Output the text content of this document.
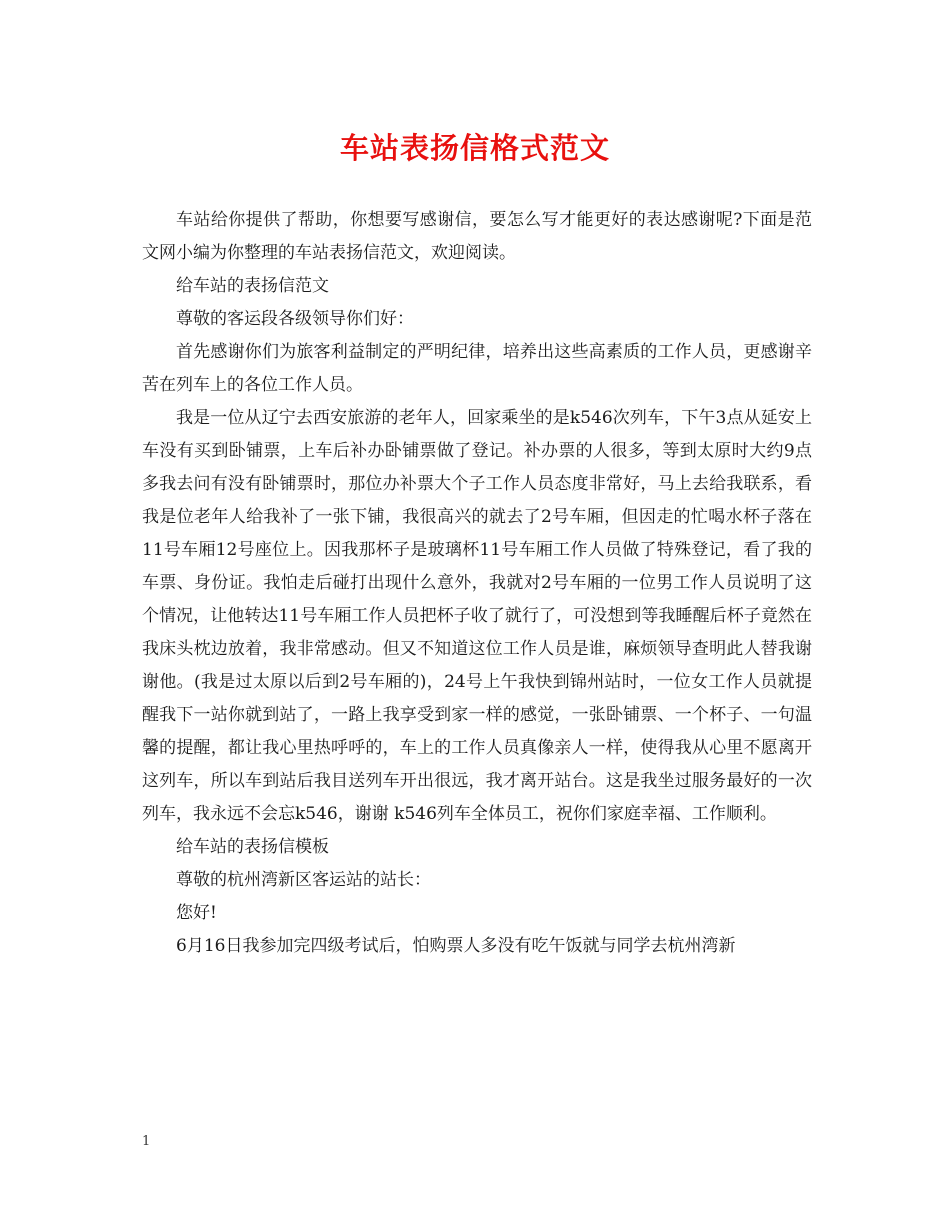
车站表扬信格式范文

车站给你提供了帮助，你想要写感谢信，要怎么写才能更好的表达感谢呢?下面是范文网小编为你整理的车站表扬信范文，欢迎阅读。

给车站的表扬信范文

尊敬的客运段各级领导你们好：

首先感谢你们为旅客利益制定的严明纪律，培养出这些高素质的工作人员，更感谢辛苦在列车上的各位工作人员。

我是一位从辽宁去西安旅游的老年人，回家乘坐的是k546次列车，下午3点从延安上车没有买到卧铺票，上车后补办卧铺票做了登记。补办票的人很多，等到太原时大约9点多我去问有没有卧铺票时，那位办补票大个子工作人员态度非常好，马上去给我联系，看我是位老年人给我补了一张下铺，我很高兴的就去了2号车厢，但因走的忙喝水杯子落在11号车厢12号座位上。因我那杯子是玻璃杯11号车厢工作人员做了特殊登记，看了我的车票、身份证。我怕走后碰打出现什么意外，我就对2号车厢的一位男工作人员说明了这个情况，让他转达11号车厢工作人员把杯子收了就行了，可没想到等我睡醒后杯子竟然在我床头枕边放着，我非常感动。但又不知道这位工作人员是谁，麻烦领导查明此人替我谢谢他。(我是过太原以后到2号车厢的)，24号上午我快到锦州站时，一位女工作人员就提醒我下一站你就到站了，一路上我享受到家一样的感觉，一张卧铺票、一个杯子、一句温馨的提醒，都让我心里热呼呼的，车上的工作人员真像亲人一样，使得我从心里不愿离开这列车，所以车到站后我目送列车开出很远，我才离开站台。这是我坐过服务最好的一次列车，我永远不会忘k546，谢谢 k546列车全体员工，祝你们家庭幸福、工作顺利。

给车站的表扬信模板

尊敬的杭州湾新区客运站的站长：

您好!

6月16日我参加完四级考试后，怕购票人多没有吃午饭就与同学去杭州湾新

1
